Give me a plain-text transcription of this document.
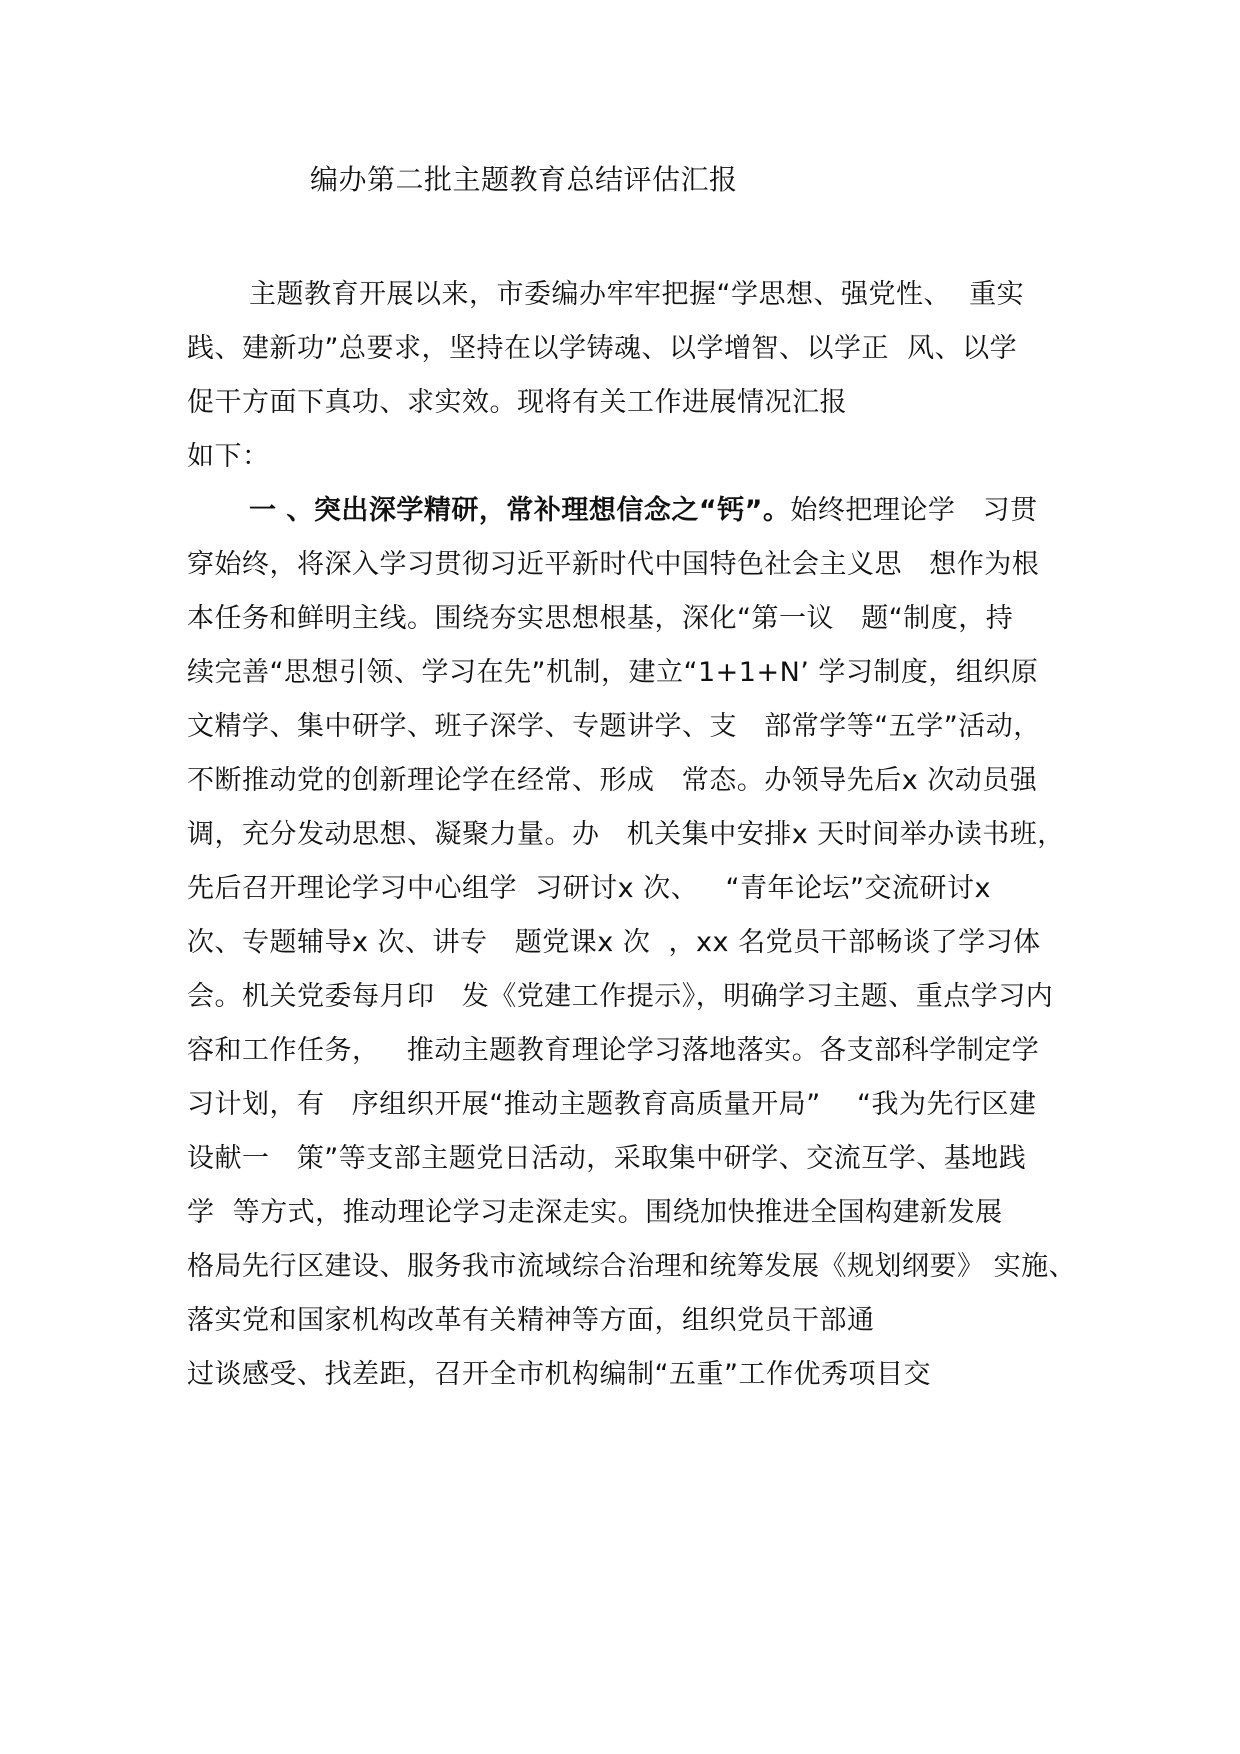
编办第二批主题教育总结评估汇报
主题教育开展以来，市委编办牢牢把握“学思想、强党性、  重实
践、建新功”总要求，坚持在以学铸魂、以学增智、以学正  风、以学
促干方面下真功、求实效。现将有关工作进展情况汇报
如下：
一 、突出深学精研，常补理想信念之“钙”。始终把理论学   习贯
穿始终，将深入学习贯彻习近平新时代中国特色社会主义思   想作为根
本任务和鲜明主线。围绕夯实思想根基，深化“第一议   题“制度，持
续完善“思想引领、学习在先”机制，建立“1+1+N’ 学习制度，组织原
文精学、集中研学、班子深学、专题讲学、支   部常学等“五学”活动，
不断推动党的创新理论学在经常、形成   常态。办领导先后x 次动员强
调，充分发动思想、凝聚力量。办   机关集中安排x 天时间举办读书班，
先后召开理论学习中心组学  习研讨x 次、   “青年论坛”交流研讨x
次、专题辅导x 次、讲专   题党课x 次  ，xx 名党员干部畅谈了学习体
会。机关党委每月印   发《党建工作提示》，明确学习主题、重点学习内
容和工作任务，   推动主题教育理论学习落地落实。各支部科学制定学
习计划，有   序组织开展“推动主题教育高质量开局”    “我为先行区建
设献一   策”等支部主题党日活动，采取集中研学、交流互学、基地践
学  等方式，推动理论学习走深走实。围绕加快推进全国构建新发展
格局先行区建设、服务我市流域综合治理和统筹发展《规划纲要》 实施、
落实党和国家机构改革有关精神等方面，组织党员干部通
过谈感受、找差距，召开全市机构编制“五重”工作优秀项目交
